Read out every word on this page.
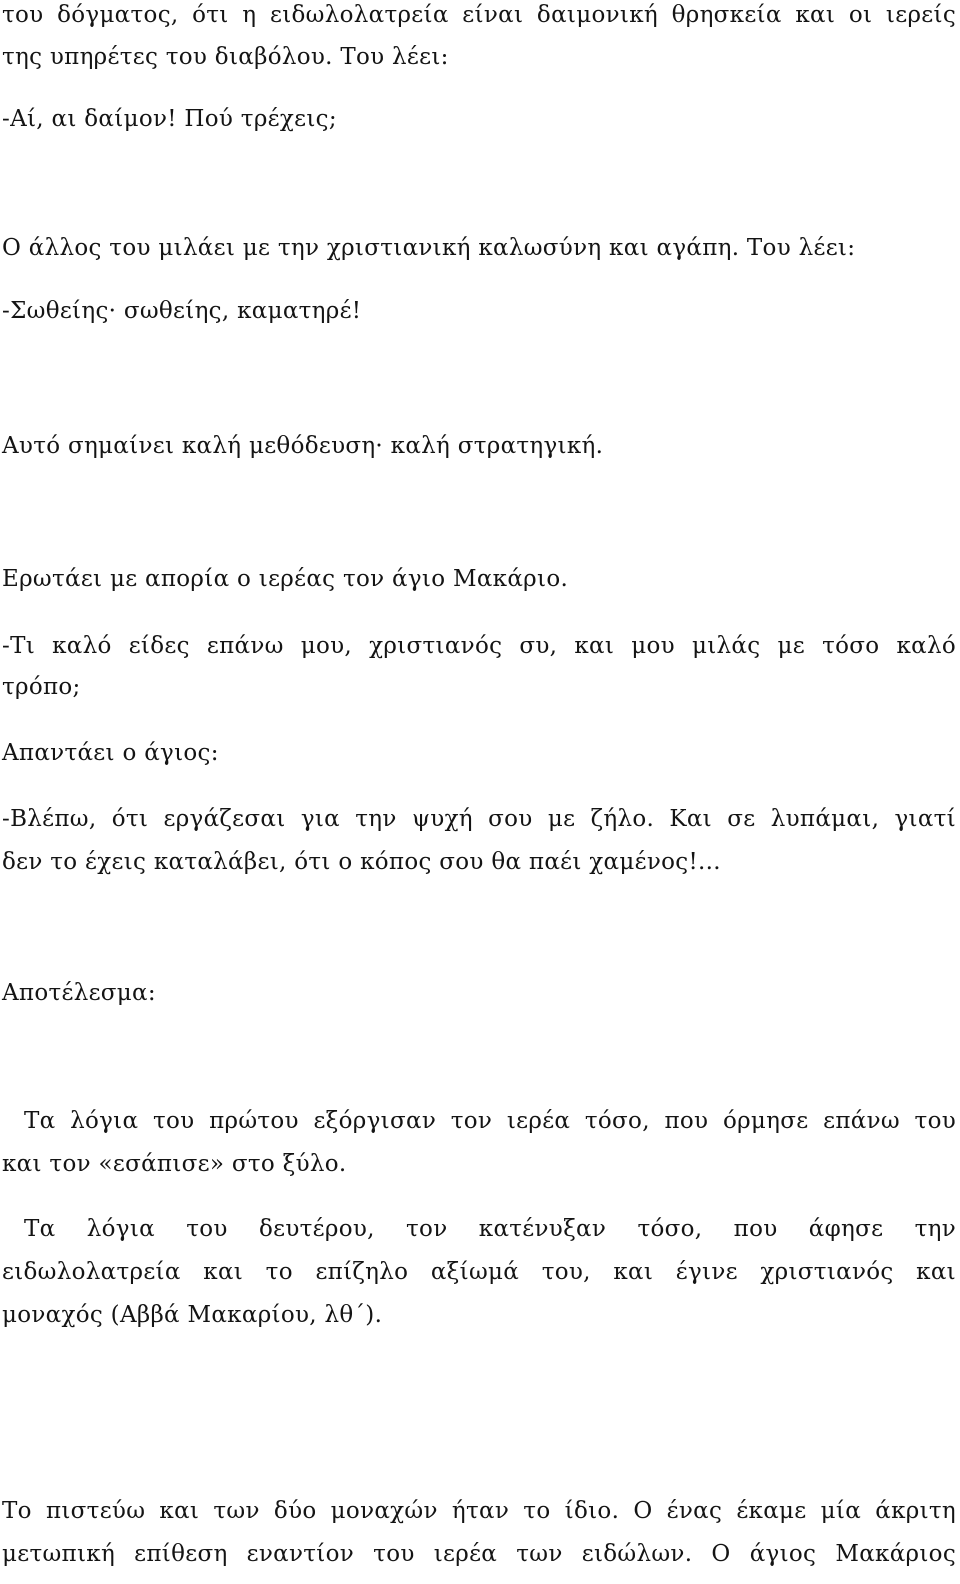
του δόγματος, ότι η ειδωλολατρεία είναι δαιμονική θρησκεία και οι ιερείς
της υπηρέτες του διαβόλου. Του λέει:
-Αί, αι δαίμον! Πού τρέχεις;
Ο άλλος του μιλάει με την χριστιανική καλωσύνη και αγάπη. Του λέει:
-Σωθείης· σωθείης, καματηρέ!
Αυτό σημαίνει καλή μεθόδευση· καλή στρατηγική.
Ερωτάει με απορία ο ιερέας τον άγιο Μακάριο.
-Τι καλό είδες επάνω μου, χριστιανός συ, και μου μιλάς με τόσο καλό
τρόπο;
Απαντάει ο άγιος:
-Βλέπω, ότι εργάζεσαι για την ψυχή σου με ζήλο. Και σε λυπάμαι, γιατί
δεν το έχεις καταλάβει, ότι ο κόπος σου θα παέι χαμένος!...
Αποτέλεσμα:
Τα λόγια του πρώτου εξόργισαν τον ιερέα τόσο, που όρμησε επάνω του
και τον «εσάπισε» στο ξύλο.
Τα λόγια του δευτέρου, τον κατένυξαν τόσο, που άφησε την
ειδωλολατρεία και το επίζηλο αξίωμά του, και έγινε χριστιανός και
μοναχός (Αββά Μακαρίου, λθ΄).
Το πιστεύω και των δύο μοναχών ήταν το ίδιο. Ο ένας έκαμε μία άκριτη
μετωπική επίθεση εναντίον του ιερέα των ειδώλων. Ο άγιος Μακάριος
